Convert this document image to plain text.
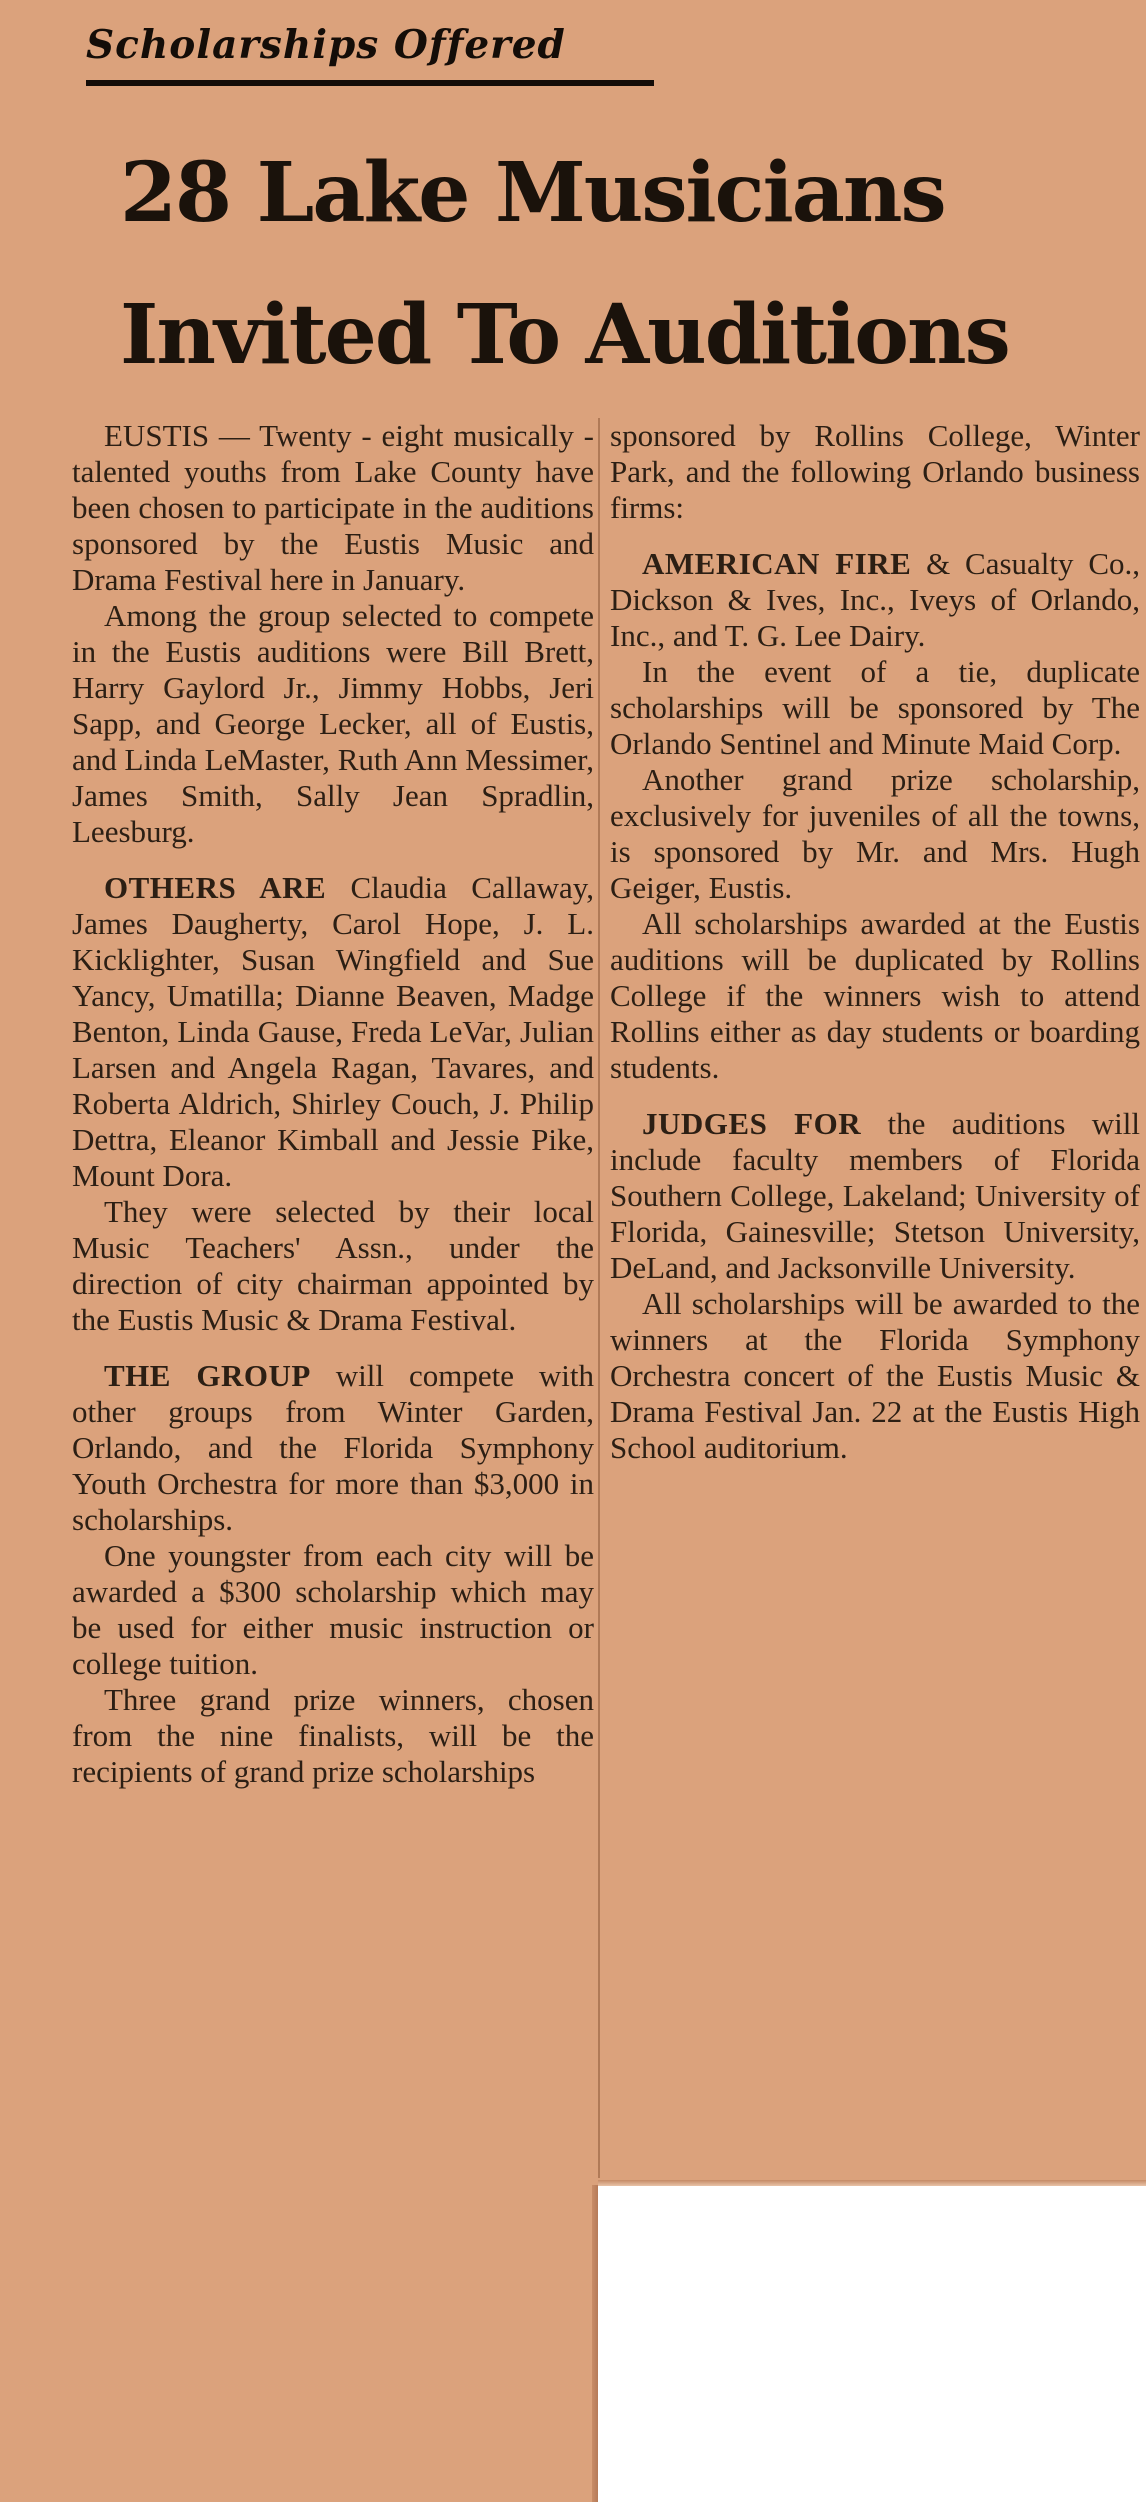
Scholarships Offered
28 Lake Musicians
Invited To Auditions

EUSTIS — Twenty - eight musically - talented youths from Lake County have been chosen to participate in the auditions sponsored by the Eustis Music and Drama Festival here in January.

Among the group selected to compete in the Eustis auditions were Bill Brett, Harry Gaylord Jr., Jimmy Hobbs, Jeri Sapp, and George Lecker, all of Eustis, and Linda LeMaster, Ruth Ann Messimer, James Smith, Sally Jean Spradlin, Leesburg.

OTHERS ARE Claudia Callaway, James Daugherty, Carol Hope, J. L. Kicklighter, Susan Wingfield and Sue Yancy, Umatilla; Dianne Beaven, Madge Benton, Linda Gause, Freda LeVar, Julian Larsen and Angela Ragan, Tavares, and Roberta Aldrich, Shirley Couch, J. Philip Dettra, Eleanor Kimball and Jessie Pike, Mount Dora.

They were selected by their local Music Teachers' Assn., under the direction of city chairman appointed by the Eustis Music & Drama Festival.

THE GROUP will compete with other groups from Winter Garden, Orlando, and the Florida Symphony Youth Orchestra for more than $3,000 in scholarships.

One youngster from each city will be awarded a $300 scholarship which may be used for either music instruction or college tuition.

Three grand prize winners, chosen from the nine finalists, will be the recipients of grand prize scholarships

sponsored by Rollins College, Winter Park, and the following Orlando business firms:

AMERICAN FIRE & Casualty Co., Dickson & Ives, Inc., Iveys of Orlando, Inc., and T. G. Lee Dairy.

In the event of a tie, duplicate scholarships will be sponsored by The Orlando Sentinel and Minute Maid Corp.

Another grand prize scholarship, exclusively for juveniles of all the towns, is sponsored by Mr. and Mrs. Hugh Geiger, Eustis.

All scholarships awarded at the Eustis auditions will be duplicated by Rollins College if the winners wish to attend Rollins either as day students or boarding students.

JUDGES FOR the auditions will include faculty members of Florida Southern College, Lakeland; University of Florida, Gainesville; Stetson University, DeLand, and Jacksonville University.

All scholarships will be awarded to the winners at the Florida Symphony Orchestra concert of the Eustis Music & Drama Festival Jan. 22 at the Eustis High School auditorium.
